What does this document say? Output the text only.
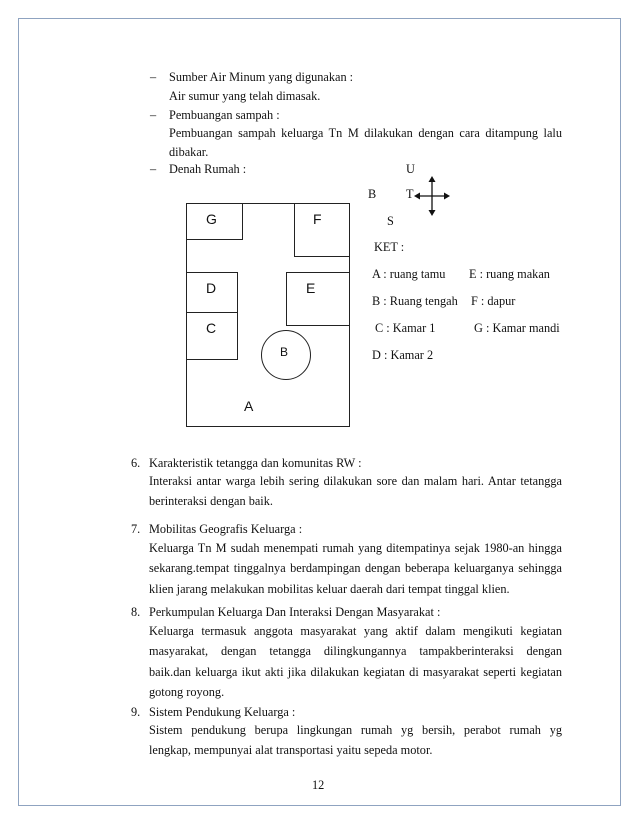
– Sumber Air Minum yang digunakan :
Air sumur yang telah dimasak.
– Pembuangan sampah :
Pembuangan sampah keluarga Tn M dilakukan dengan cara ditampung lalu
dibakar.
– Denah Rumah :	U
B T
S
G	F
D	E
C
B
A
KET :
A : ruang tamu E : ruang makan
B : Ruang tengah F : dapur
C : Kamar 1	G : Kamar mandi
D : Kamar 2
6. Karakteristik tetangga dan komunitas RW :
Interaksi antar warga lebih sering dilakukan sore dan malam hari. Antar tetangga
berinteraksi dengan baik.
7. Mobilitas Geografis Keluarga :
Keluarga Tn M sudah menempati rumah yang ditempatinya sejak 1980-an hingga
sekarang.tempat tinggalnya berdampingan dengan beberapa keluarganya sehingga
klien jarang melakukan mobilitas keluar daerah dari tempat tinggal klien.
8. Perkumpulan Keluarga Dan Interaksi Dengan Masyarakat :
Keluarga termasuk anggota masyarakat yang aktif dalam mengikuti kegiatan
masyarakat, dengan tetangga dilingkungannya tampakberinteraksi dengan
baik.dan keluarga ikut akti jika dilakukan kegiatan di masyarakat seperti kegiatan
gotong royong.
9. Sistem Pendukung Keluarga :
Sistem pendukung berupa lingkungan rumah yg bersih, perabot rumah yg
lengkap, mempunyai alat transportasi yaitu sepeda motor.
12
